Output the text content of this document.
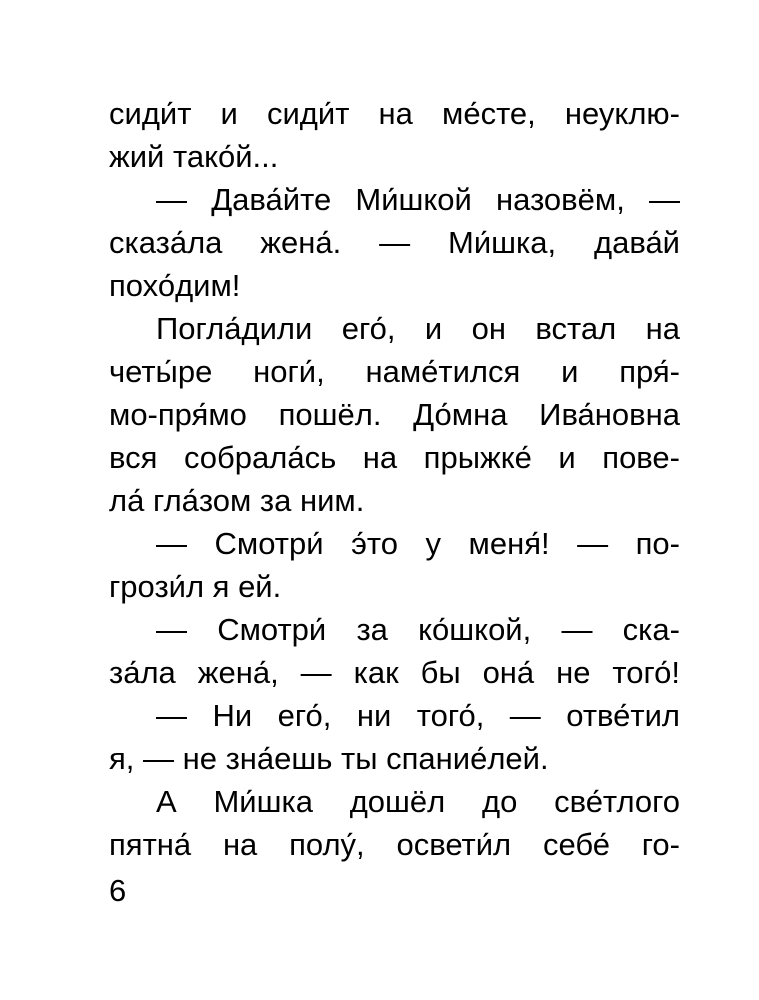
сиди́т и сиди́т на ме́сте, неуклю-
жий тако́й...
— Дава́йте Ми́шкой назовём, —
сказа́ла жена́. — Ми́шка, дава́й
похо́дим!
Погла́дили его́, и он встал на
четы́ре ноги́, наме́тился и пря́-
мо-пря́мо пошёл. До́мна Ива́новна
вся собрала́сь на прыжке́ и пове-
ла́ гла́зом за ним.
— Смотри́ э́то у меня́! — по-
грози́л я ей.
— Смотри́ за ко́шкой, — ска-
за́ла жена́, — как бы она́ не того́!
— Ни его́, ни того́, — отве́тил
я, — не зна́ешь ты спание́лей.
А Ми́шка дошёл до све́тлого
пятна́ на полу́, освети́л себе́ го-
6
